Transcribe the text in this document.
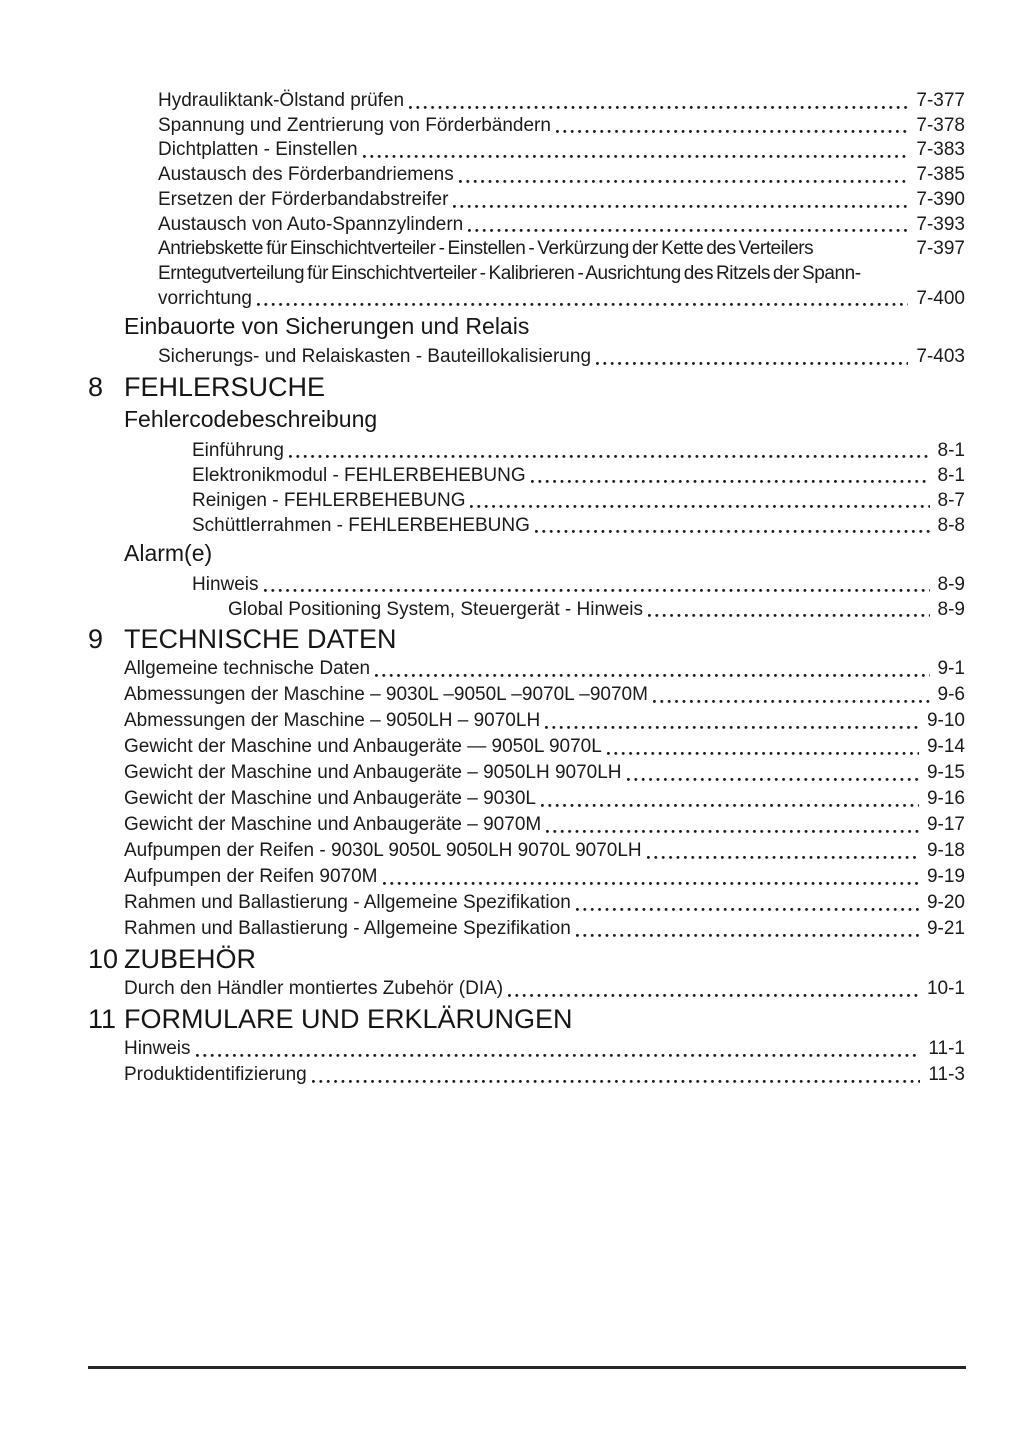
Hydrauliktank-Ölstand prüfen	7-377
Spannung und Zentrierung von Förderbändern	7-378
Dichtplatten - Einstellen	7-383
Austausch des Förderbandriemens	7-385
Ersetzen der Förderbandabstreifer	7-390
Austausch von Auto-Spannzylindern	7-393
Antriebskette für Einschichtverteiler - Einstellen - Verkürzung der Kette des Verteilers	7-397
Erntegutverteilung für Einschichtverteiler - Kalibrieren - Ausrichtung des Ritzels der Spann-
vorrichtung	7-400
Einbauorte von Sicherungen und Relais
Sicherungs- und Relaiskasten - Bauteillokalisierung	7-403
8 FEHLERSUCHE
Fehlercodebeschreibung
Einführung	8-1
Elektronikmodul - FEHLERBEHEBUNG	8-1
Reinigen - FEHLERBEHEBUNG	8-7
Schüttlerrahmen - FEHLERBEHEBUNG	8-8
Alarm(e)
Hinweis	8-9
Global Positioning System, Steuergerät - Hinweis	8-9
9 TECHNISCHE DATEN
Allgemeine technische Daten	9-1
Abmessungen der Maschine – 9030L –9050L –9070L –9070M	9-6
Abmessungen der Maschine – 9050LH – 9070LH	9-10
Gewicht der Maschine und Anbaugeräte — 9050L 9070L	9-14
Gewicht der Maschine und Anbaugeräte – 9050LH 9070LH	9-15
Gewicht der Maschine und Anbaugeräte – 9030L	9-16
Gewicht der Maschine und Anbaugeräte – 9070M	9-17
Aufpumpen der Reifen - 9030L 9050L 9050LH 9070L 9070LH	9-18
Aufpumpen der Reifen 9070M	9-19
Rahmen und Ballastierung - Allgemeine Spezifikation	9-20
Rahmen und Ballastierung - Allgemeine Spezifikation	9-21
10 ZUBEHÖR
Durch den Händler montiertes Zubehör (DIA)	10-1
11 FORMULARE UND ERKLÄRUNGEN
Hinweis	11-1
Produktidentifizierung	11-3
